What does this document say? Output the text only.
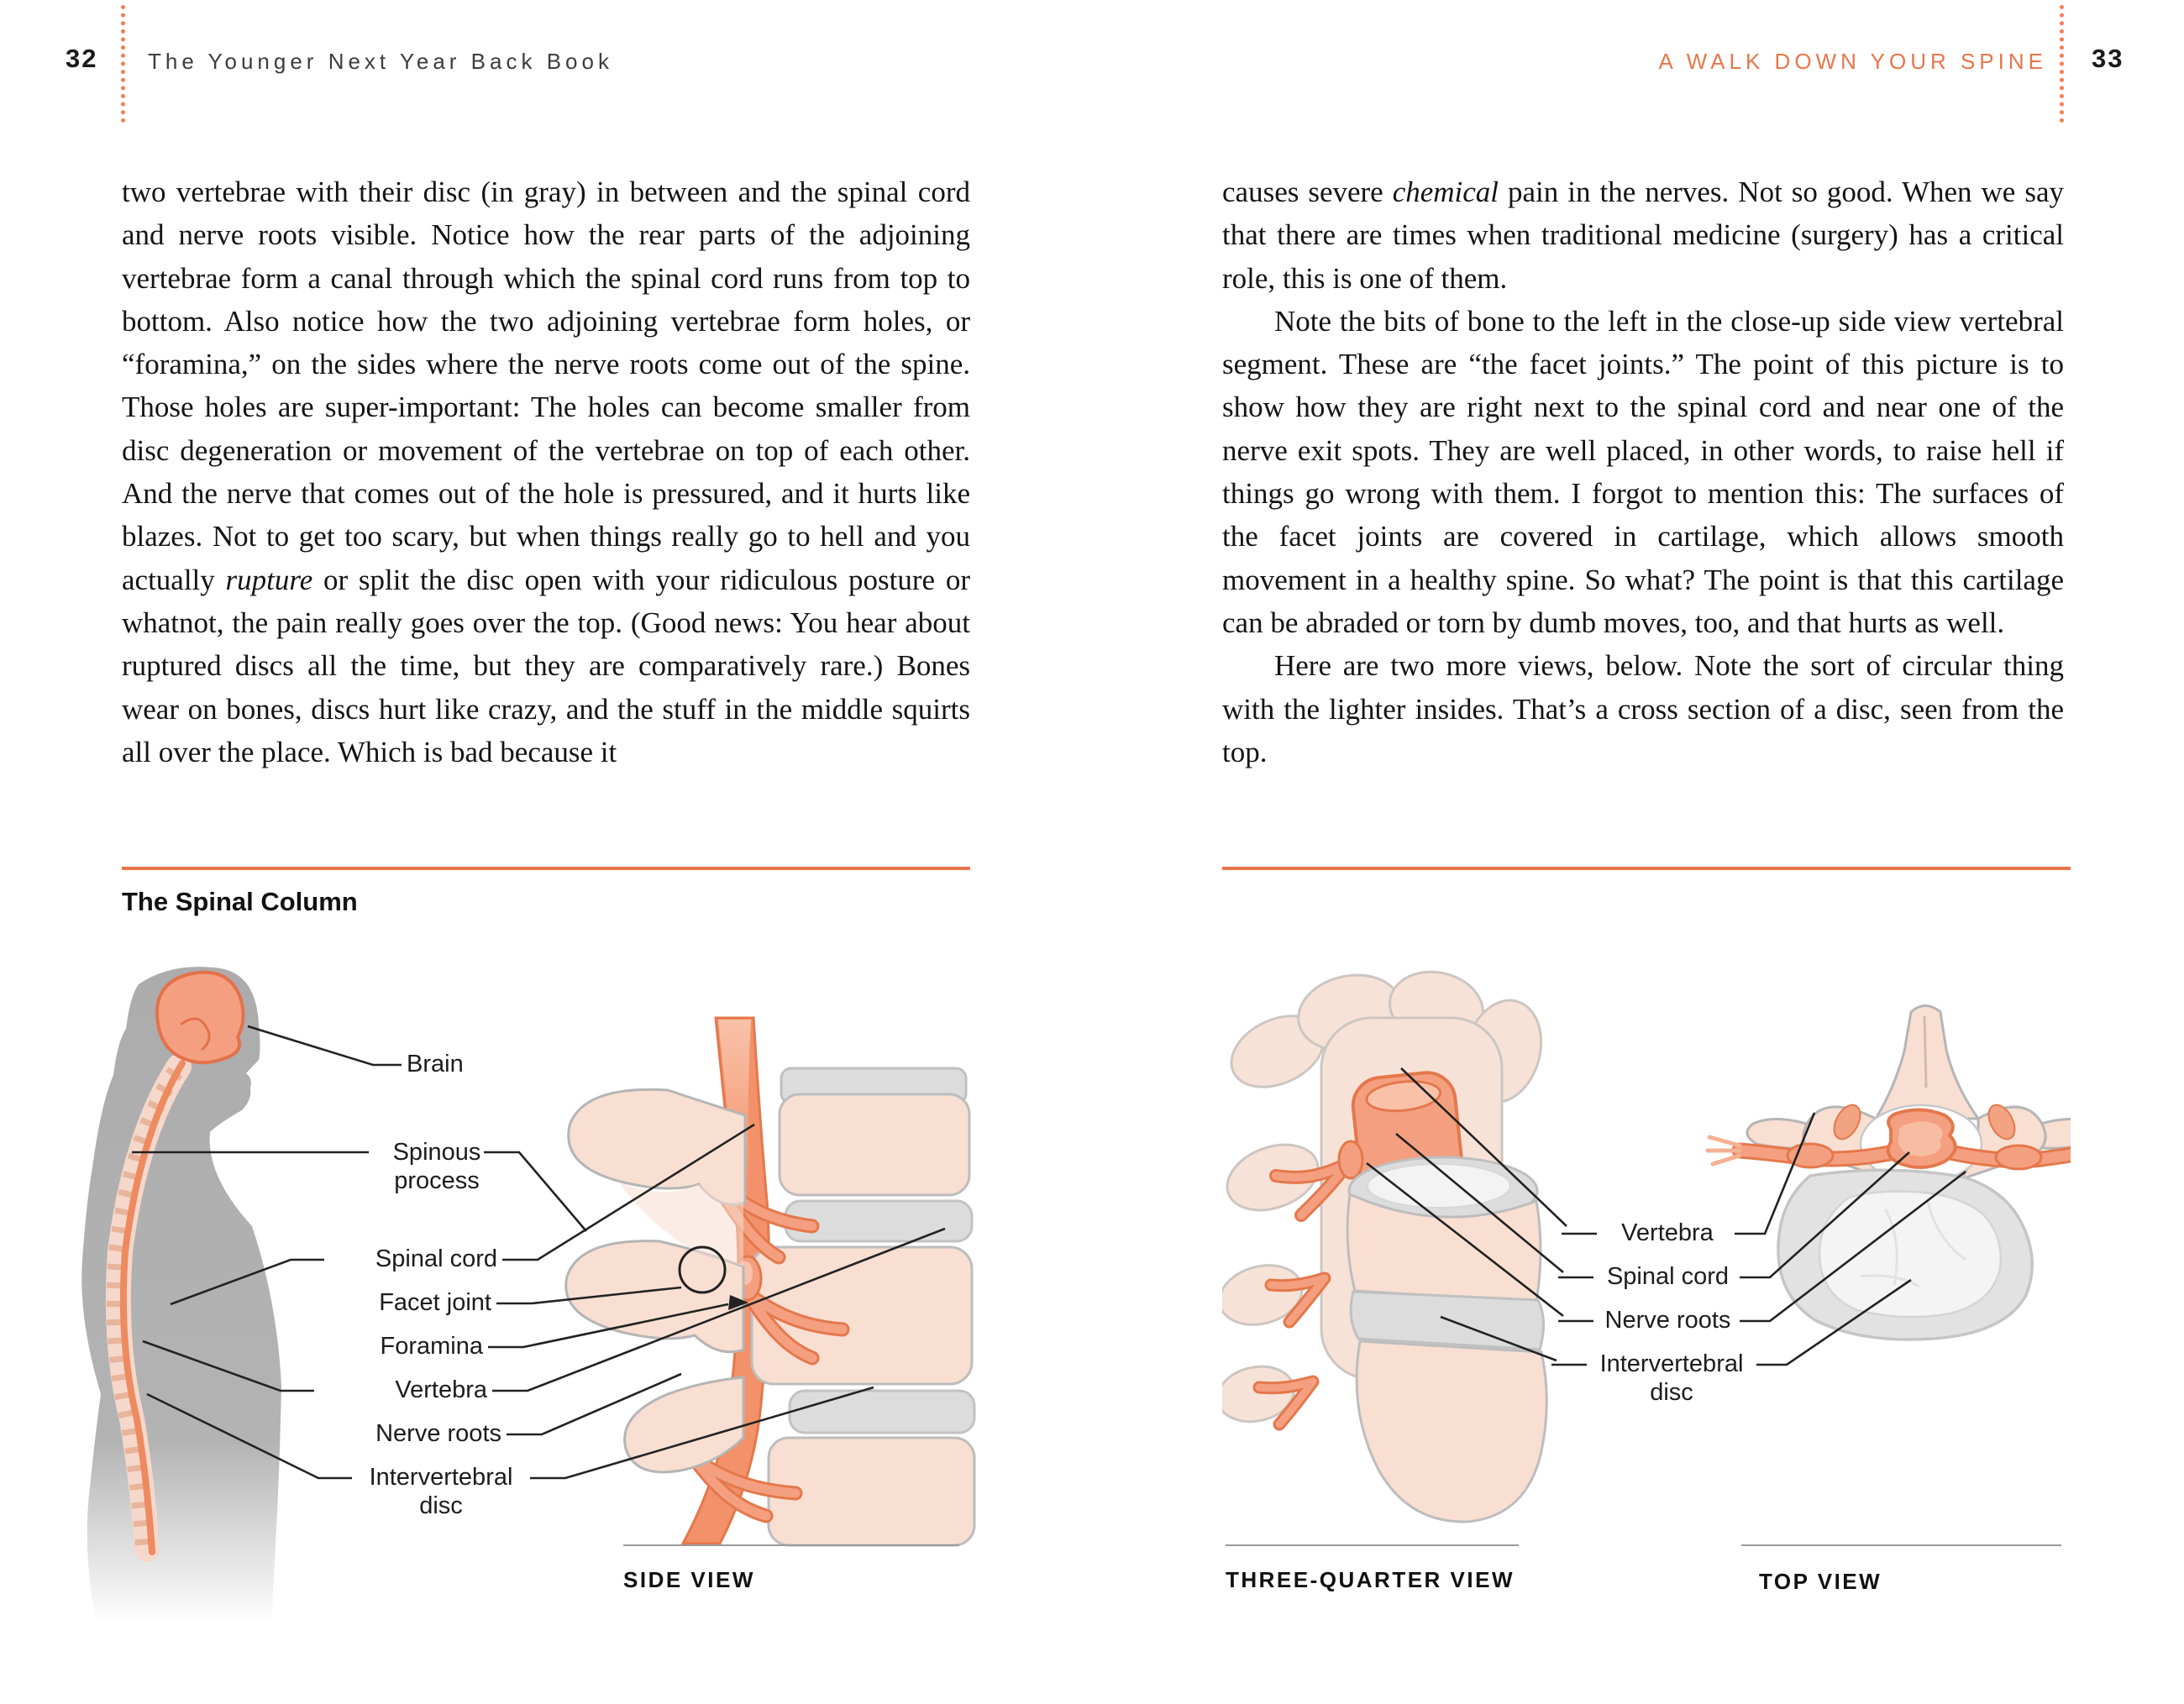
32 The Younger Next Year Back Book

two vertebrae with their disc (in gray) in between and the spinal cord and nerve roots visible. Notice how the rear parts of the adjoining vertebrae form a canal through which the spinal cord runs from top to bottom. Also notice how the two adjoining vertebrae form holes, or “foramina,” on the sides where the nerve roots come out of the spine. Those holes are super-important: The holes can become smaller from disc degeneration or movement of the vertebrae on top of each other. And the nerve that comes out of the hole is pressured, and it hurts like blazes. Not to get too scary, but when things really go to hell and you actually rupture or split the disc open with your ridiculous posture or whatnot, the pain really goes over the top. (Good news: You hear about ruptured discs all the time, but they are comparatively rare.) Bones wear on bones, discs hurt like crazy, and the stuff in the middle squirts all over the place. Which is bad because it

The Spinal Column
Brain
Spinous
process
Spinal cord
Facet joint
Foramina
Vertebra
Nerve roots
Intervertebral
disc
SIDE VIEW
A WALK DOWN YOUR SPINE 33

causes severe chemical pain in the nerves. Not so good. When we say that there are times when traditional medicine (surgery) has a critical role, this is one of them.

Note the bits of bone to the left in the close-up side view vertebral segment. These are “the facet joints.” The point of this picture is to show how they are right next to the spinal cord and near one of the nerve exit spots. They are well placed, in other words, to raise hell if things go wrong with them. I forgot to mention this: The surfaces of the facet joints are covered in cartilage, which allows smooth movement in a healthy spine. So what? The point is that this cartilage can be abraded or torn by dumb moves, too, and that hurts as well.

Here are two more views, below. Note the sort of circular thing with the lighter insides. That’s a cross section of a disc, seen from the top.

Vertebra
Spinal cord
Nerve roots
Intervertebral
disc
THREE-QUARTER VIEW	TOP VIEW
